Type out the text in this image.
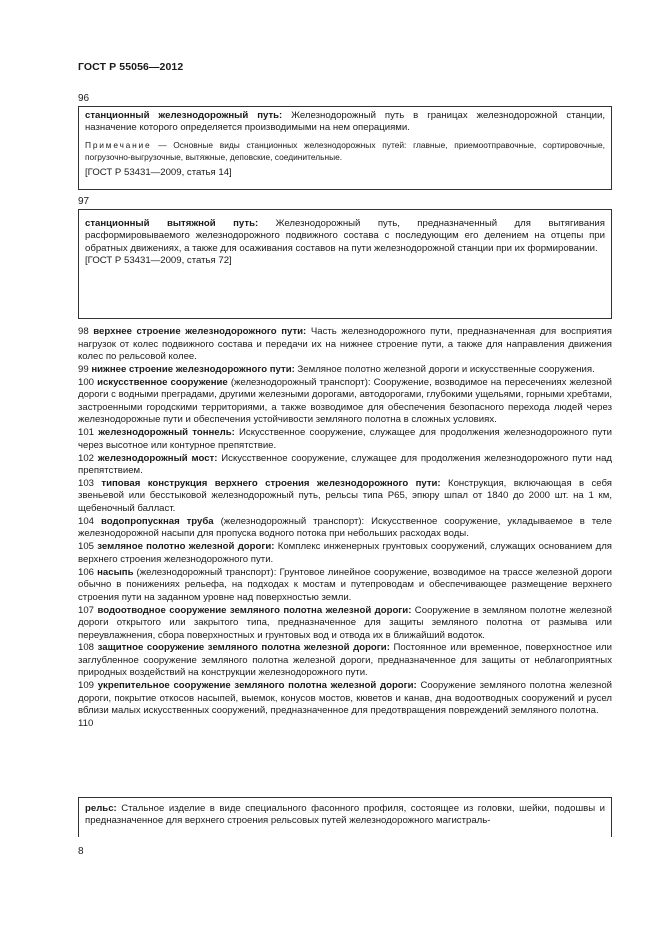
ГОСТ Р 55056—2012
96

станционный железнодорожный путь: Железнодорожный путь в границах железнодорожной станции, назначение которого определяется производимыми на нем операциями.

Примечание — Основные виды станционных железнодорожных путей: главные, приемоотправочные, сортировочные, погрузочно-выгрузочные, вытяжные, деповские, соединительные.

[ГОСТ Р 53431—2009, статья 14]

97

станционный вытяжной путь: Железнодорожный путь, предназначенный для вытягивания расформировываемого железнодорожного подвижного состава с последующим его делением на отцепы при обратных движениях, а также для осаживания составов на пути железнодорожной станции при их формировании.

[ГОСТ Р 53431—2009, статья 72]

98 верхнее строение железнодорожного пути: Часть железнодорожного пути, предназначенная для восприятия нагрузок от колес подвижного состава и передачи их на нижнее строение пути, а также для направления движения колес по рельсовой колее.

99 нижнее строение железнодорожного пути: Земляное полотно железной дороги и искусственные сооружения.

100 искусственное сооружение (железнодорожный транспорт): Сооружение, возводимое на пересечениях железной дороги с водными преградами, другими железными дорогами, автодорогами, глубокими ущельями, горными хребтами, застроенными городскими территориями, а также возводимое для обеспечения безопасного перехода людей через железнодорожные пути и обеспечения устойчивости земляного полотна в сложных условиях.

101 железнодорожный тоннель: Искусственное сооружение, служащее для продолжения железнодорожного пути через высотное или контурное препятствие.

102 железнодорожный мост: Искусственное сооружение, служащее для продолжения железнодорожного пути над препятствием.

103 типовая конструкция верхнего строения железнодорожного пути: Конструкция, включающая в себя звеньевой или бесстыковой железнодорожный путь, рельсы типа Р65, эпюру шпал от 1840 до 2000 шт. на 1 км, щебеночный балласт.

104 водопропускная труба (железнодорожный транспорт): Искусственное сооружение, укладываемое в теле железнодорожной насыпи для пропуска водного потока при небольших расходах воды.

105 земляное полотно железной дороги: Комплекс инженерных грунтовых сооружений, служащих основанием для верхнего строения железнодорожного пути.

106 насыпь (железнодорожный транспорт): Грунтовое линейное сооружение, возводимое на трассе железной дороги обычно в понижениях рельефа, на подходах к мостам и путепроводам и обеспечивающее размещение верхнего строения пути на заданном уровне над поверхностью земли.

107 водоотводное сооружение земляного полотна железной дороги: Сооружение в земляном полотне железной дороги открытого или закрытого типа, предназначенное для защиты земляного полотна от размыва или переувлажнения, сбора поверхностных и грунтовых вод и отвода их в ближайший водоток.

108 защитное сооружение земляного полотна железной дороги: Постоянное или временное, поверхностное или заглубленное сооружение земляного полотна железной дороги, предназначенное для защиты от неблагоприятных природных воздействий на конструкции железнодорожного пути.

109 укрепительное сооружение земляного полотна железной дороги: Сооружение земляного полотна железной дороги, покрытие откосов насыпей, выемок, конусов мостов, кюветов и канав, дна водоотводных сооружений и русел вблизи малых искусственных сооружений, предназначенное для предотвращения повреждений земляного полотна.

110

рельс: Стальное изделие в виде специального фасонного профиля, состоящее из головки, шейки, подошвы и предназначенное для верхнего строения рельсовых путей железнодорожного магистраль-

8
